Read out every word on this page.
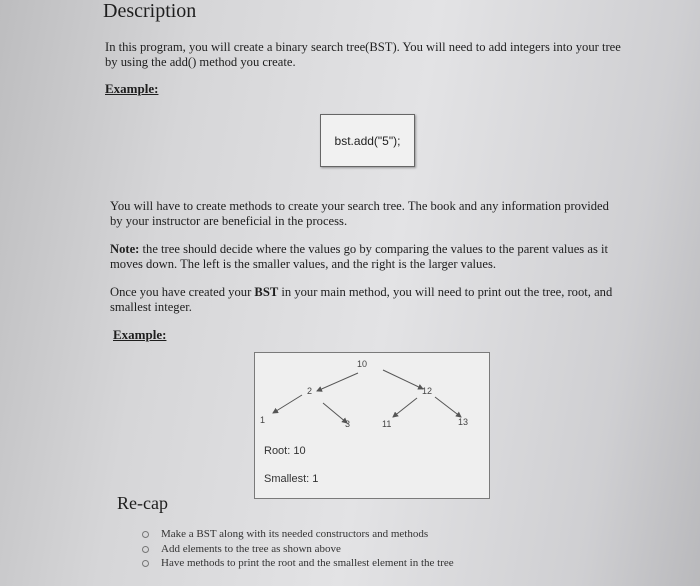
Description
In this program, you will create a binary search tree(BST). You will need to add integers into your tree by using the add() method you create.
Example:
bst.add("5");
You will have to create methods to create your search tree. The book and any information provided by your instructor are beneficial in the process.
Note: the tree should decide where the values go by comparing the values to the parent values as it moves down. The left is the smaller values, and the right is the larger values.
Once you have created your BST in your main method, you will need to print out the tree, root, and smallest integer.
Example:
10
2	12
1	3	11	13
Root: 10
Smallest: 1
Re-cap
Make a BST along with its needed constructors and methods
Add elements to the tree as shown above
Have methods to print the root and the smallest element in the tree
